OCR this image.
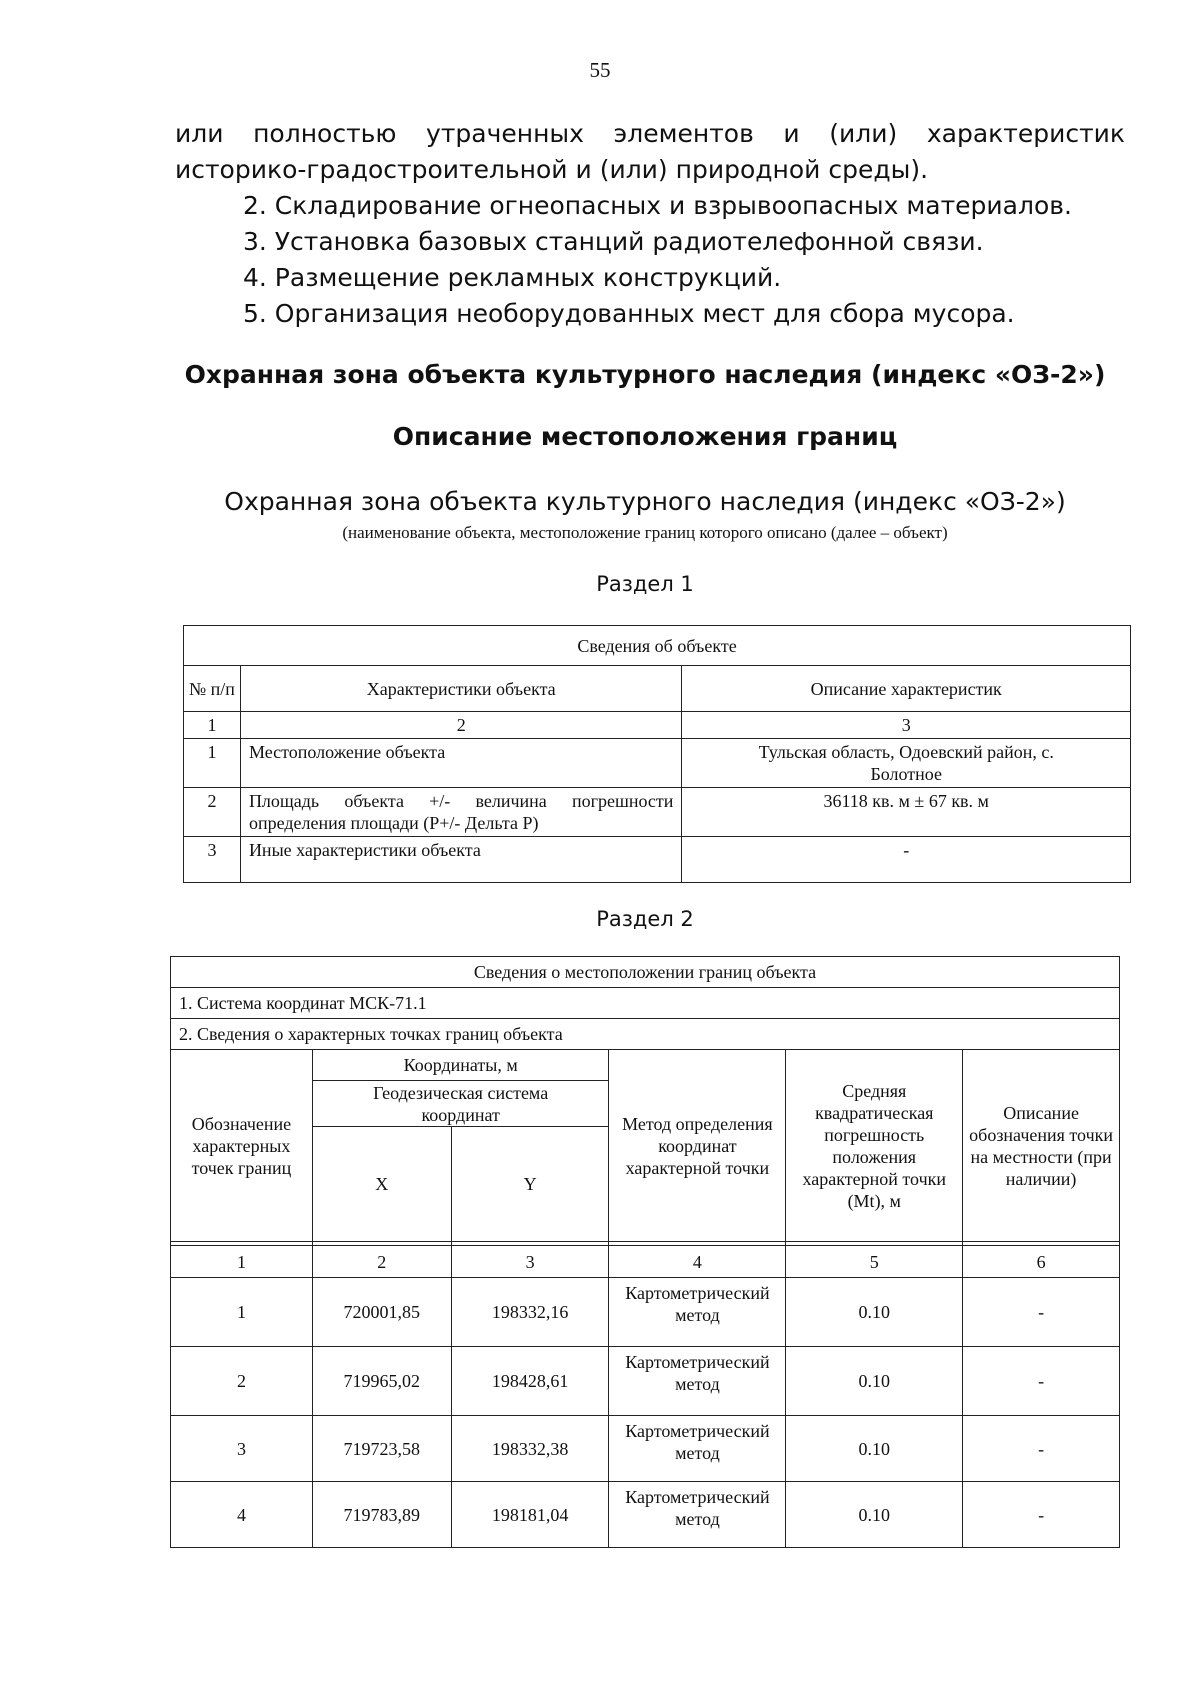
55
или полностью утраченных элементов и (или) характеристик историко-градостроительной и (или) природной среды).
2. Складирование огнеопасных и взрывоопасных материалов.
3. Установка базовых станций радиотелефонной связи.
4. Размещение рекламных конструкций.
5. Организация необорудованных мест для сбора мусора.
Охранная зона объекта культурного наследия (индекс «ОЗ-2»)
Описание местоположения границ
Охранная зона объекта культурного наследия (индекс «ОЗ-2»)
(наименование объекта, местоположение границ которого описано (далее – объект)
Раздел 1
Сведения об объекте		
№ п/п	Характеристики объекта	Описание характеристик
1	2	3
1	Местоположение объекта	Тульская область, Одоевский район, с. Болотное
2	Площадь объекта +/- величина погрешности определения площади (P+/- Дельта P)	36118 кв. м ± 67 кв. м
3	Иные характеристики объекта	-
Раздел 2
Сведения о местоположении границ объекта					
1. Система координат МСК-71.1					
2. Сведения о характерных точках границ объекта					
Обозначение характерных точек границ	Координаты, м		Метод определения координат характерной точки	Средняя квадратическая погрешность положения характерной точки (Mt), м	Описание обозначения точки на местности (при наличии)
	Геодезическая система координат				
	X	Y			

1	2	3	4	5	6
1	720001,85	198332,16	Картометрический метод	0.10	-
2	719965,02	198428,61	Картометрический метод	0.10	-
3	719723,58	198332,38	Картометрический метод	0.10	-
4	719783,89	198181,04	Картометрический метод	0.10	-
